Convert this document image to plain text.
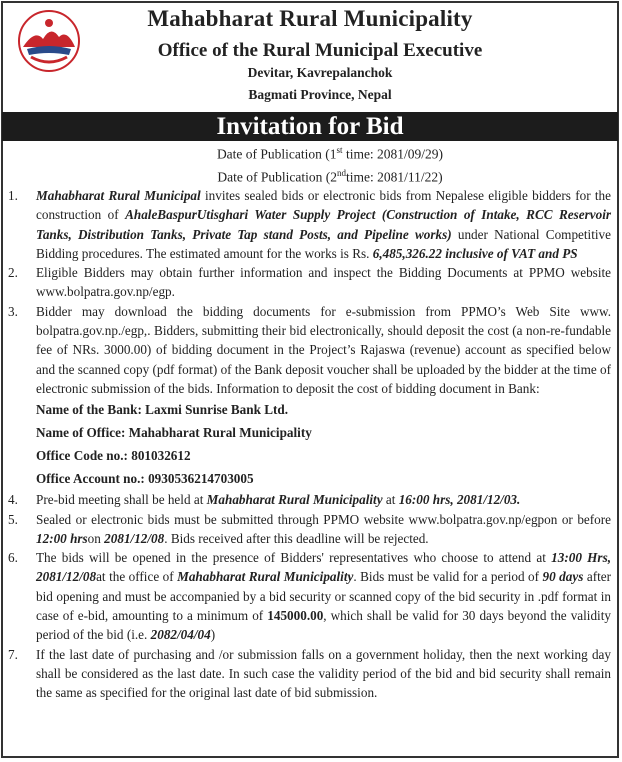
Mahabharat Rural Municipality
Office of the Rural Municipal Executive
Devitar, Kavrepalanchok
Bagmati Province, Nepal
Invitation for Bid
Date of Publication (1st time: 2081/09/29)
Date of Publication (2ndtime: 2081/11/22)
1.	Mahabharat Rural Municipal invites sealed bids or electronic bids from Nepalese eligible bidders for the construction of AhaleBaspurUtisghari Water Supply Project (Construction of Intake, RCC Reservoir Tanks, Distribution Tanks, Private Tap stand Posts, and Pipeline works) under National Competitive Bidding procedures. The estimated amount for the works is Rs. 6,485,326.22 inclusive of VAT and PS
2.	Eligible Bidders may obtain further information and inspect the Bidding Documents at PPMO website www.bolpatra.gov.np/egp.
3.	Bidder may download the bidding documents for e-submission from PPMO’s Web Site www. bolpatra.gov.np./egp,. Bidders, submitting their bid electronically, should deposit the cost (a non-re-fundable fee of NRs. 3000.00) of bidding document in the Project’s Rajaswa (revenue) account as specified below and the scanned copy (pdf format) of the Bank deposit voucher shall be uploaded by the bidder at the time of electronic submission of the bids. Information to deposit the cost of bidding document in Bank:
Name of the Bank: Laxmi Sunrise Bank Ltd.
Name of Office: Mahabharat Rural Municipality
Office Code no.: 801032612
Office Account no.: 0930536214703005
4.	Pre-bid meeting shall be held at Mahabharat Rural Municipality at 16:00 hrs, 2081/12/03.
5.	Sealed or electronic bids must be submitted through PPMO website www.bolpatra.gov.np/egpon or before 12:00 hrson 2081/12/08. Bids received after this deadline will be rejected.
6.	The bids will be opened in the presence of Bidders' representatives who choose to attend at 13:00 Hrs, 2081/12/08at the office of Mahabharat Rural Municipality. Bids must be valid for a period of 90 days after bid opening and must be accompanied by a bid security or scanned copy of the bid security in .pdf format in case of e-bid, amounting to a minimum of 145000.00, which shall be valid for 30 days beyond the validity period of the bid (i.e. 2082/04/04)
7.	If the last date of purchasing and /or submission falls on a government holiday, then the next working day shall be considered as the last date. In such case the validity period of the bid and bid security shall remain the same as specified for the original last date of bid submission.
